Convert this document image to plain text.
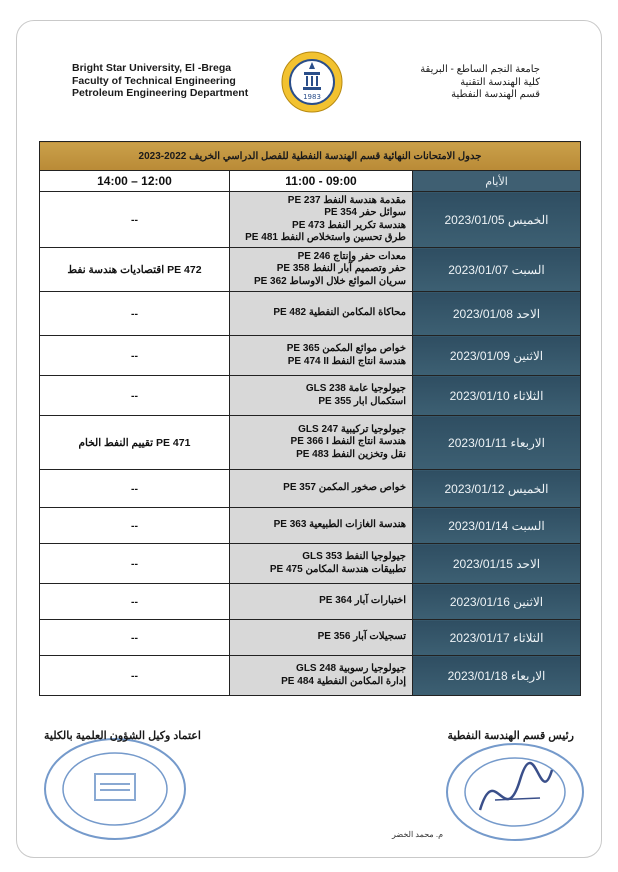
Bright Star University, El -Brega
Faculty of Technical Engineering
Petroleum Engineering Department	1983
جامعة النجم الساطع - البريقة
كلية الهندسة التقنية
قسم الهندسة النفطية
جدول الامتحانات النهائية قسم الهندسة النفطية للفصل الدراسي الخريف 2022-2023		

14:00 – 12:00	11:00 - 09:00	الأيام
--	مقدمة هندسة النفط PE 237
سوائل حفر PE 354
هندسة تكرير النفط PE 473
طرق تحسين واستخلاص النفط PE 481	الخميس 2023/01/05
اقتصاديات هندسة نفط PE 472	معدات حفر وإنتاج PE 246
حفر وتصميم آبار النفط PE 358
سريان الموائع خلال الاوساط PE 362	السبت 2023/01/07
--	محاكاة المكامن النفطية PE 482	الاحد 2023/01/08
--	خواص موائع المكمن PE 365
هندسة انتاج النفط PE 474 II	الاثنين 2023/01/09
--	جيولوجيا عامة GLS 238
استكمال ابار PE 355	الثلاثاء 2023/01/10
تقييم النفط الخام PE 471	جيولوجيا تركيبية GLS 247
هندسة انتاج النفط PE 366 I
نقل وتخزين النفط PE 483	الاربعاء 2023/01/11
--	خواص صخور المكمن PE 357	الخميس 2023/01/12
--	هندسة الغازات الطبيعية PE 363	السبت 2023/01/14
--	جيولوجيا النفط GLS 353
تطبيقات هندسة المكامن PE 475	الاحد 2023/01/15
--	اختبارات آبار PE 364	الاثنين 2023/01/16
--	تسجيلات آبار PE 356	الثلاثاء 2023/01/17
--	جيولوجيا رسوبية GLS 248
إدارة المكامن النفطية PE 484	الاربعاء 2023/01/18
اعتماد وكيل الشؤون العلمية بالكلية	رئيس قسم الهندسة النفطية
م. محمد الخضر
